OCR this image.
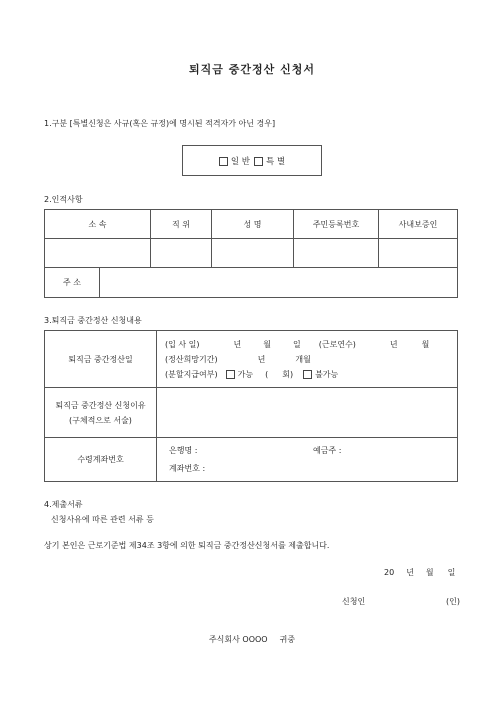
퇴직금 중간정산 신청서
1.구분 [특별신청은 사규(혹은 규정)에 명시된 적격자가 아닌 경우]
일 반	특 별
2.인적사항
소 속	직 위	성 명	주민등록번호	사내보증인

주 소				
3.퇴직금 중간정산 신청내용
퇴직금 중간정산일	(입 사 일) 년 월 일 (근로연수) 년 월
(정산희망기간) 년 개월
(분할지급여부) 가능 ( 회) 불가능

퇴직금 중간정산 신청이유
(구체적으로 서술)	

수령계좌번호	은행명 : 예금주 :
계좌번호 :
4.제출서류
신청사유에 따른 관련 서류 등
상기 본인은 근로기준법 제34조 3항에 의한 퇴직금 중간정산신청서를 제출합니다.
20 년 월 일
신청인	(인)
주식회사 OOOO 귀중
